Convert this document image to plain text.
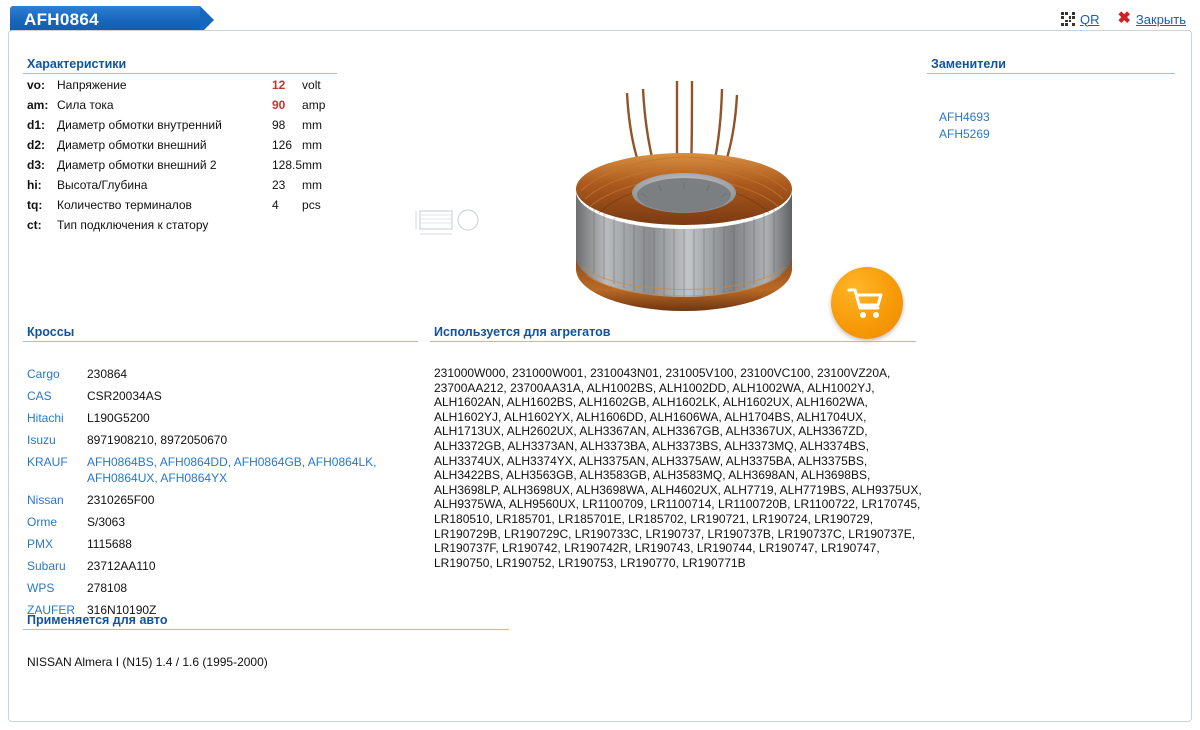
AFH0864	QR ✖ Закрыть
Характеристики
vo:	Напряжение	12	volt
am:	Сила тока	90	amp
d1:	Диаметр обмотки внутренний	98	mm
d2:	Диаметр обмотки внешний	126	mm
d3:	Диаметр обмотки внешний 2	128.5	mm
hi:	Высота/Глубина	23	mm
tq:	Количество терминалов	4	pcs
ct:	Тип подключения к статору		
Заменители
AFH4693
AFH5269
Кроссы
Cargo	230864
CAS	CSR20034AS
Hitachi	L190G5200
Isuzu	8971908210, 8972050670
KRAUF	AFH0864BS, AFH0864DD, AFH0864GB, AFH0864LK, AFH0864UX, AFH0864YX
Nissan	2310265F00
Orme	S/3063
PMX	1115688
Subaru	23712AA110
WPS	278108
ZAUFER	316N10190Z
Используется для агрегатов
231000W000, 231000W001, 2310043N01, 231005V100, 23100VC100, 23100VZ20A, 23700AA212, 23700AA31A, ALH1002BS, ALH1002DD, ALH1002WA, ALH1002YJ, ALH1602AN, ALH1602BS, ALH1602GB, ALH1602LK, ALH1602UX, ALH1602WA, ALH1602YJ, ALH1602YX, ALH1606DD, ALH1606WA, ALH1704BS, ALH1704UX, ALH1713UX, ALH2602UX, ALH3367AN, ALH3367GB, ALH3367UX, ALH3367ZD, ALH3372GB, ALH3373AN, ALH3373BA, ALH3373BS, ALH3373MQ, ALH3374BS, ALH3374UX, ALH3374YX, ALH3375AN, ALH3375AW, ALH3375BA, ALH3375BS, ALH3422BS, ALH3563GB, ALH3583GB, ALH3583MQ, ALH3698AN, ALH3698BS, ALH3698LP, ALH3698UX, ALH3698WA, ALH4602UX, ALH7719, ALH7719BS, ALH9375UX, ALH9375WA, ALH9560UX, LR1100709, LR1100714, LR1100720B, LR1100722, LR170745, LR180510, LR185701, LR185701E, LR185702, LR190721, LR190724, LR190729, LR190729B, LR190729C, LR190733C, LR190737, LR190737B, LR190737C, LR190737E, LR190737F, LR190742, LR190742R, LR190743, LR190744, LR190747, LR190747, LR190750, LR190752, LR190753, LR190770, LR190771B
Применяется для авто
NISSAN Almera I (N15) 1.4 / 1.6 (1995-2000)
